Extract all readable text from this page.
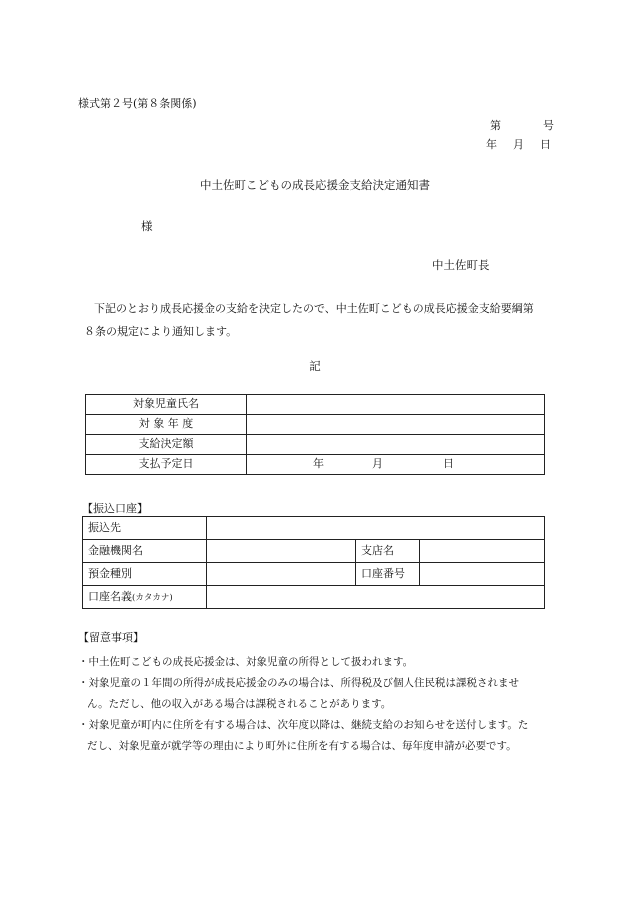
様式第２号(第８条関係)
第	号
年 月 日
中土佐町こどもの成長応援金支給決定通知書
様
中土佐町長
下記のとおり成長応援金の支給を決定したので、中土佐町こどもの成長応援金支給要綱第
８条の規定により通知します。
記
対象児童氏名	
対 象 年 度	
支給決定額	
支払予定日	年 月 日
【振込口座】
振込先			
金融機関名		支店名	
預金種別		口座番号	
口座名義(カタカナ)			
【留意事項】
・中土佐町こどもの成長応援金は、対象児童の所得として扱われます。
・対象児童の１年間の所得が成長応援金のみの場合は、所得税及び個人住民税は課税されませ
ん。ただし、他の収入がある場合は課税されることがあります。
・対象児童が町内に住所を有する場合は、次年度以降は、継続支給のお知らせを送付します。た
だし、対象児童が就学等の理由により町外に住所を有する場合は、毎年度申請が必要です。
